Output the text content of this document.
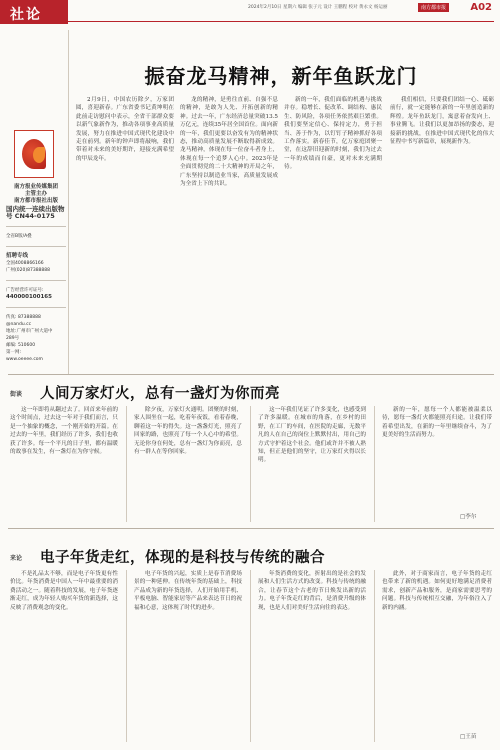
社论	2024年2月10日 星期六 编辑 张子元 设计 王鹏程 校对 黄永文 杨运丽	南方都市报	A02
南方报业传媒集团
主管主办
南方都市报社出版
国内统一连续出版物号 CN44-0175
全省B版/A叠
招聘专线
全国4008866166
广州(020)87388888
广告经营许可证号:
440000100165
传真: 87388888
@nandu.cc
地址:广州市广州大道中
289号
邮编: 510600
第一网:
www.oeeee.com
振奋龙马精神，新年鱼跃龙门
2月9日，中国农历除夕，万家团圆，喜迎新春。广东省委书记黄坤明在此前走访慰问中表示，全省干部群众要以新气象新作为，推动各项事业高质量发展，努力在推进中国式现代化建设中走在前列。新年的钟声即将敲响，我们带着对未来的美好期许，迎接充满希望的甲辰龙年。
龙的精神，是勇往直前、自强不息的精神，是敢为人先、开拓创新的精神。过去一年，广东经济总量突破13.5万亿元，连续35年居全国首位。面向新的一年，我们更要以奋发有为的精神状态，推动高质量发展不断取得新成效。龙马精神，体现在每一位奋斗者身上，体现在每一个追梦人心中。2023年是全面贯彻党的二十大精神的开局之年，广东坚持以制造业当家，高质量发展成为全省上下的共识。
新的一年，我们面临的机遇与挑战并存。稳增长、促改革、调结构、惠民生、防风险，各项任务依然艰巨繁重。我们要坚定信心、保持定力，勇于担当、善于作为，以钉钉子精神抓好各项工作落实。新春佳节，亿万家庭团聚一堂，在这辞旧迎新的时刻，我们为过去一年的成绩而自豪，更对未来充满期待。
我们相信，只要我们团结一心、砥砺前行，就一定能够在新的一年里创造新的辉煌。龙年鱼跃龙门，寓意着奋发向上、事业腾飞。让我们以更加昂扬的姿态，迎接新的挑战，在推进中国式现代化的伟大征程中书写新篇章，展现新作为。
街谈 人间万家灯火，总有一盏灯为你而亮
这一年即将从翻过去了。回首来年前的这个时间点，过去这一年对于我们而言，只是一个抽象的概念，一个刚开始的开篇。在过去的一年里，我们经历了许多，我们也收获了许多。每一个平凡的日子里，都有温暖的故事在发生，有一盏灯在为你守候。
除夕夜，万家灯火通明。团聚的时刻，家人围坐在一起，吃着年夜饭，看着春晚，聊着这一年的得失。这一盏盏灯光，照亮了回家的路，也照亮了每一个人心中的希望。无论你身在何处，总有一盏灯为你而亮，总有一群人在等你回家。
这一年我们见证了许多变化，也感受到了许多温暖。在城市的角落，在乡村的田野，在工厂的车间，在医院的走廊，无数平凡的人在自己的岗位上默默付出，用自己的方式守护着这个社会。他们或许并不被人熟知，但正是他们的坚守，让万家灯火得以长明。
新的一年，愿每一个人都能被温柔以待，愿每一盏灯火都能照亮归途。让我们带着希望出发，在新的一年里继续奋斗，为了更美好的生活而努力。
□李尔
来论 电子年货走红，体现的是科技与传统的融合
不是礼品太不够，而是电子年货更有性价比。年货消费是中国人一年中最重要的消费活动之一。随着科技的发展，电子年货逐渐走红，成为年轻人购买年货的新选择，这反映了消费观念的变化。
电子年货的兴起，实质上是春节消费场景的一种延伸。在传统年货的基础上，科技产品成为新的年货选择，人们开始用手机、平板电脑、智能家居等产品来表达节日的祝福和心意，这体现了时代的进步。
年货消费的变化，折射出的是社会的发展和人们生活方式的改变。科技与传统的融合，让春节这个古老的节日焕发出新的活力。电子年货走红的背后，是消费升级的体现，也是人们对美好生活向往的表达。
此外，对于商家而言，电子年货的走红也带来了新的机遇。如何更好地满足消费者需求，创新产品和服务，是商家需要思考的问题。科技与传统相互交融，为年俗注入了新的内涵。
□王苗
